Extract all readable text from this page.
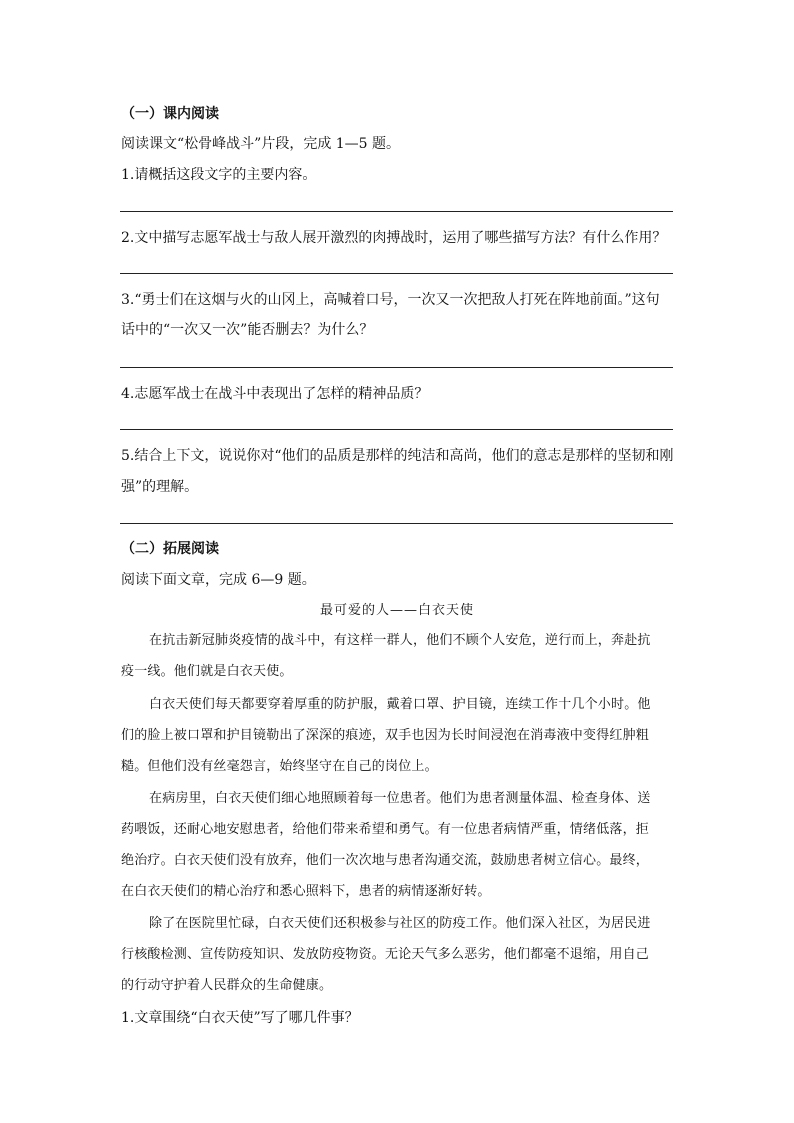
（一）课内阅读
阅读课文“松骨峰战斗”片段，完成 1—5 题。
1.请概括这段文字的主要内容。
2.文中描写志愿军战士与敌人展开激烈的肉搏战时，运用了哪些描写方法？有什么作用？
3.“勇士们在这烟与火的山冈上，高喊着口号，一次又一次把敌人打死在阵地前面。”这句
话中的“一次又一次”能否删去？为什么？
4.志愿军战士在战斗中表现出了怎样的精神品质？
5.结合上下文，说说你对“他们的品质是那样的纯洁和高尚，他们的意志是那样的坚韧和刚
强”的理解。
（二）拓展阅读
阅读下面文章，完成 6—9 题。
最可爱的人——白衣天使
在抗击新冠肺炎疫情的战斗中，有这样一群人，他们不顾个人安危，逆行而上，奔赴抗
疫一线。他们就是白衣天使。
白衣天使们每天都要穿着厚重的防护服，戴着口罩、护目镜，连续工作十几个小时。他
们的脸上被口罩和护目镜勒出了深深的痕迹，双手也因为长时间浸泡在消毒液中变得红肿粗
糙。但他们没有丝毫怨言，始终坚守在自己的岗位上。
在病房里，白衣天使们细心地照顾着每一位患者。他们为患者测量体温、检查身体、送
药喂饭，还耐心地安慰患者，给他们带来希望和勇气。有一位患者病情严重，情绪低落，拒
绝治疗。白衣天使们没有放弃，他们一次次地与患者沟通交流，鼓励患者树立信心。最终，
在白衣天使们的精心治疗和悉心照料下，患者的病情逐渐好转。
除了在医院里忙碌，白衣天使们还积极参与社区的防疫工作。他们深入社区，为居民进
行核酸检测、宣传防疫知识、发放防疫物资。无论天气多么恶劣，他们都毫不退缩，用自己
的行动守护着人民群众的生命健康。
1.文章围绕“白衣天使”写了哪几件事？
